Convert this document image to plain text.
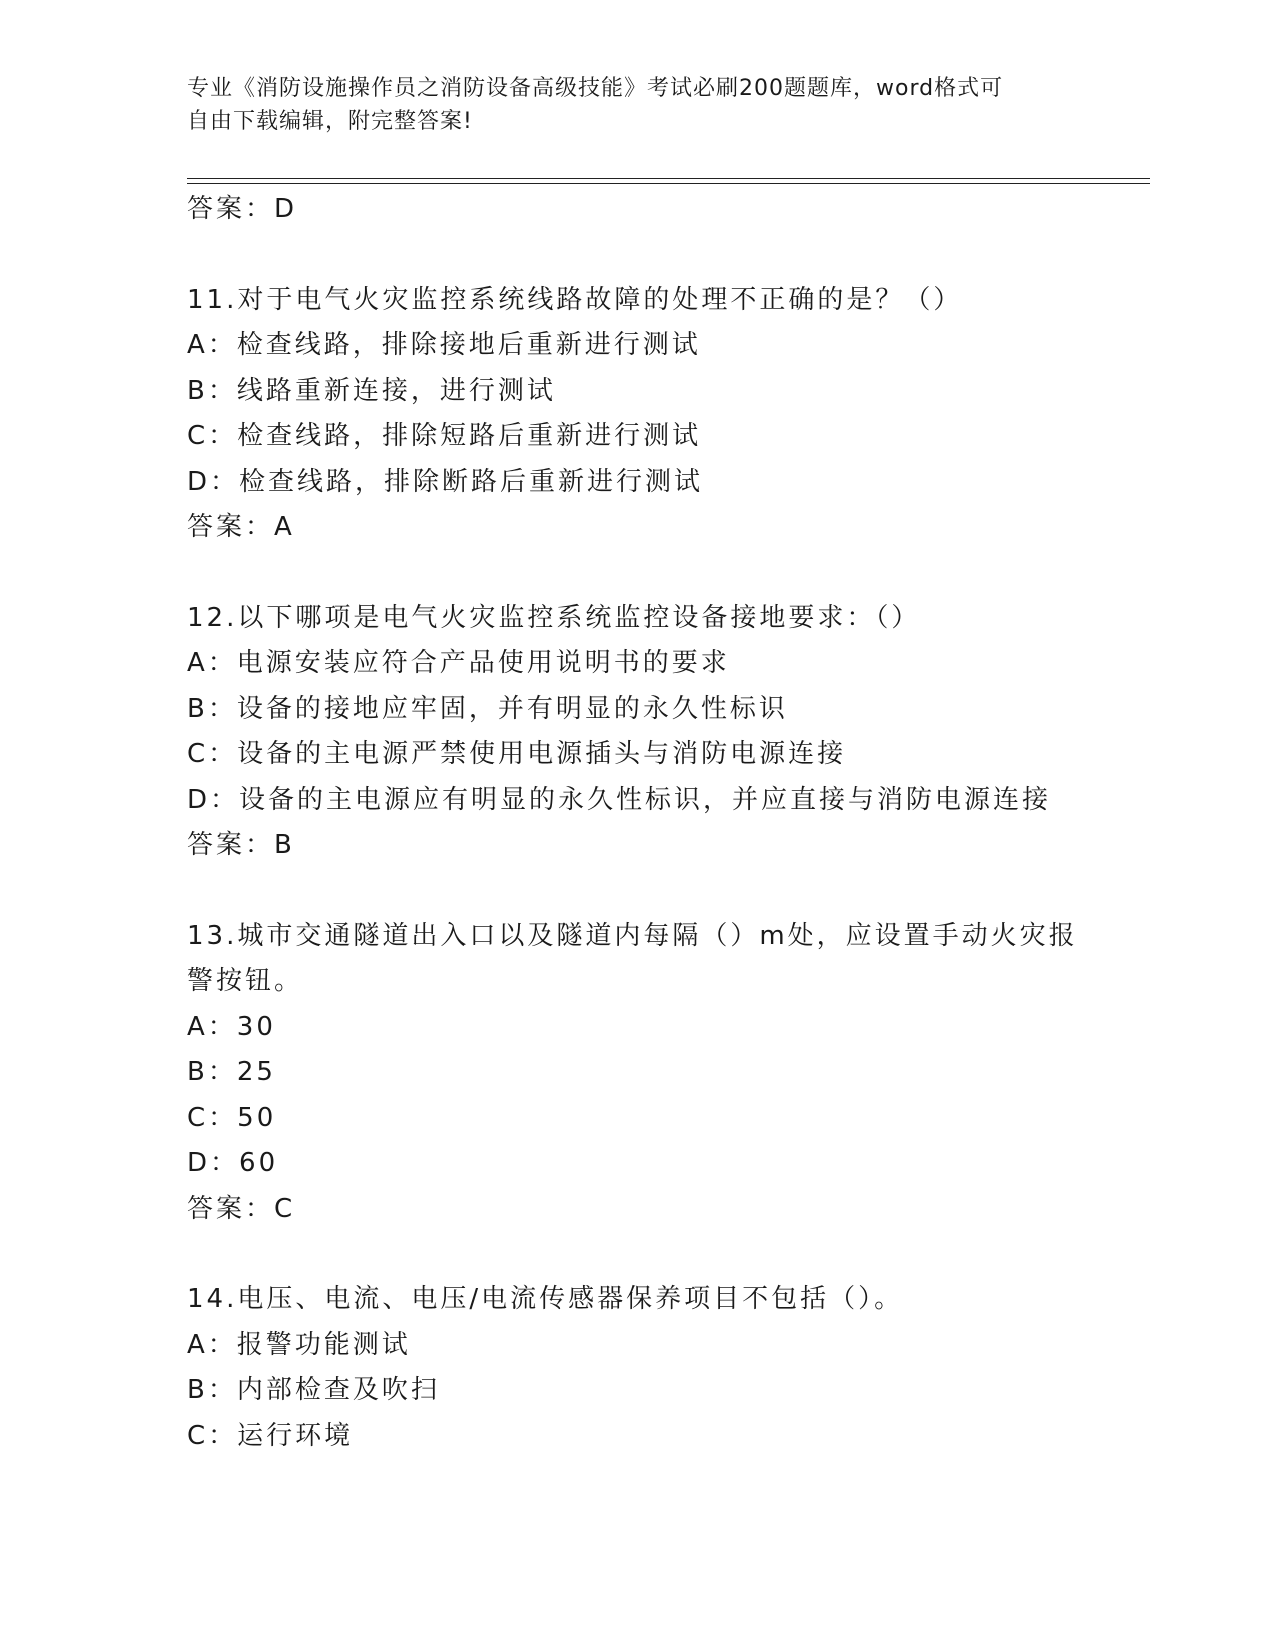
专业《消防设施操作员之消防设备高级技能》考试必刷200题题库，word格式可
自由下载编辑，附完整答案!
答案：D
11.对于电气火灾监控系统线路故障的处理不正确的是？（）
A：检查线路，排除接地后重新进行测试
B：线路重新连接，进行测试
C：检查线路，排除短路后重新进行测试
D：检查线路，排除断路后重新进行测试
答案：A
12.以下哪项是电气火灾监控系统监控设备接地要求：（）
A：电源安装应符合产品使用说明书的要求
B：设备的接地应牢固，并有明显的永久性标识
C：设备的主电源严禁使用电源插头与消防电源连接
D：设备的主电源应有明显的永久性标识，并应直接与消防电源连接
答案：B
13.城市交通隧道出入口以及隧道内每隔（）m处，应设置手动火灾报
警按钮。
A：30
B：25
C：50
D：60
答案：C
14.电压、电流、电压/电流传感器保养项目不包括（）。
A：报警功能测试
B：内部检查及吹扫
C：运行环境
